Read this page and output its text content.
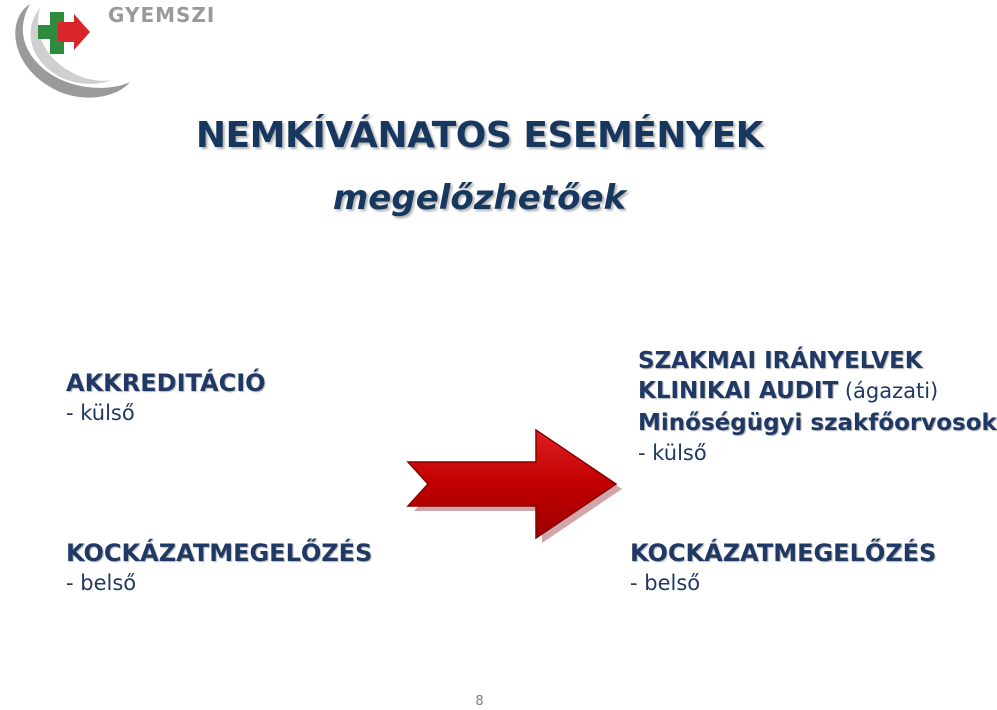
GYEMSZI
NEMKÍVÁNATOS ESEMÉNYEK
megelőzhetőek
AKKREDITÁCIÓ
- külső
SZAKMAI IRÁNYELVEK
KLINIKAI AUDIT (ágazati)
Minőségügyi szakfőorvosok
- külső
KOCKÁZATMEGELŐZÉS
- belső
KOCKÁZATMEGELŐZÉS
- belső
8
